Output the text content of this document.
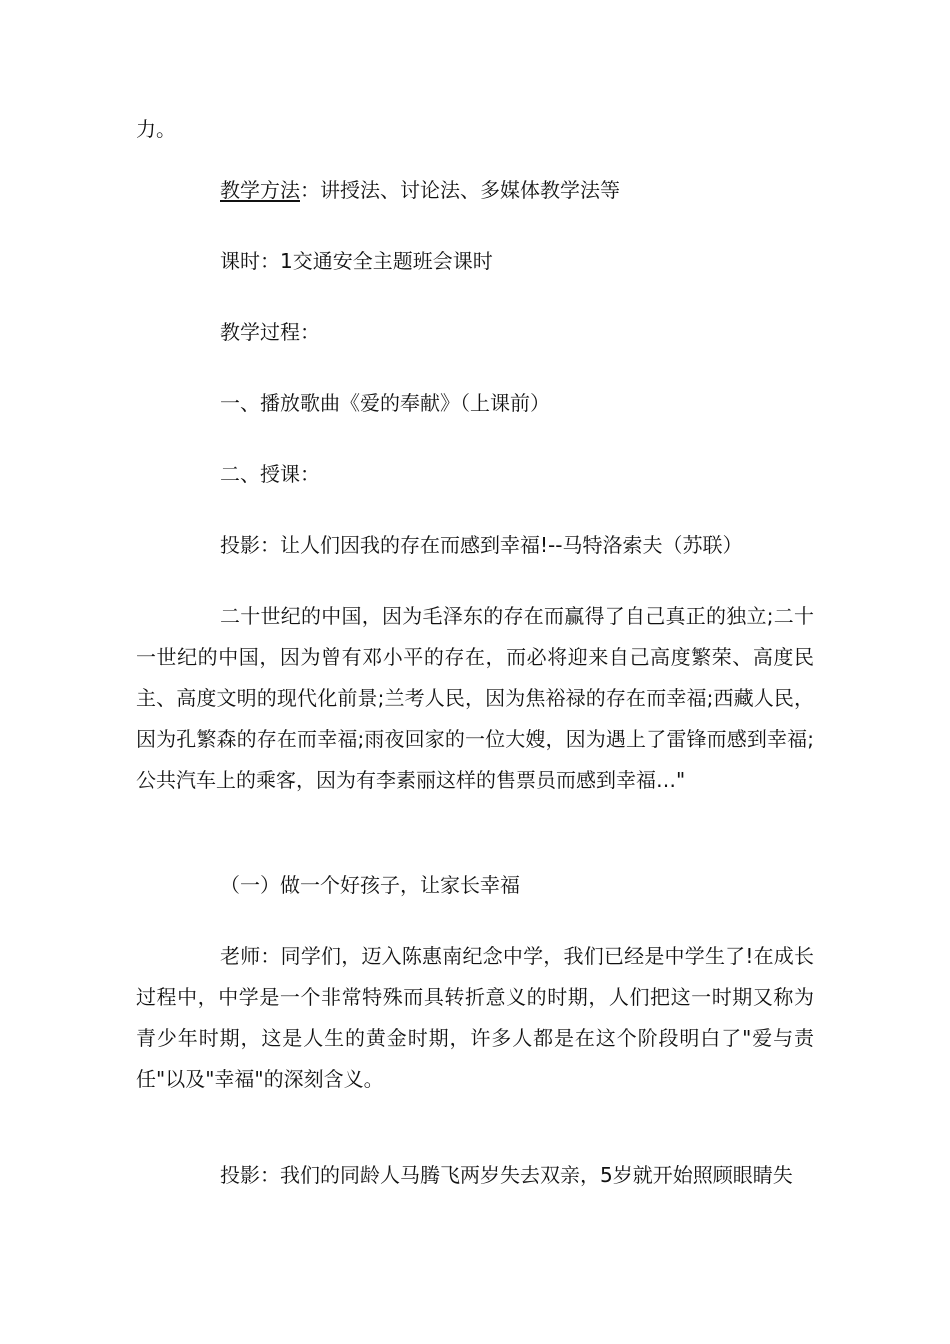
力。

教学方法：讲授法、讨论法、多媒体教学法等

课时：1交通安全主题班会课时

教学过程：

一、播放歌曲《爱的奉献》（上课前）

二、授课：

投影：让人们因我的存在而感到幸福!--马特洛索夫（苏联）

二十世纪的中国，因为毛泽东的存在而赢得了自己真正的独立;二十一世纪的中国，因为曾有邓小平的存在，而必将迎来自己高度繁荣、高度民主、高度文明的现代化前景;兰考人民，因为焦裕禄的存在而幸福;西藏人民，因为孔繁森的存在而幸福;雨夜回家的一位大嫂，因为遇上了雷锋而感到幸福;公共汽车上的乘客，因为有李素丽这样的售票员而感到幸福…"

（一）做一个好孩子，让家长幸福

老师：同学们，迈入陈惠南纪念中学，我们已经是中学生了!在成长过程中，中学是一个非常特殊而具转折意义的时期，人们把这一时期又称为青少年时期，这是人生的黄金时期，许多人都是在这个阶段明白了"爱与责任"以及"幸福"的深刻含义。

投影：我们的同龄人马腾飞两岁失去双亲，5岁就开始照顾眼睛失
